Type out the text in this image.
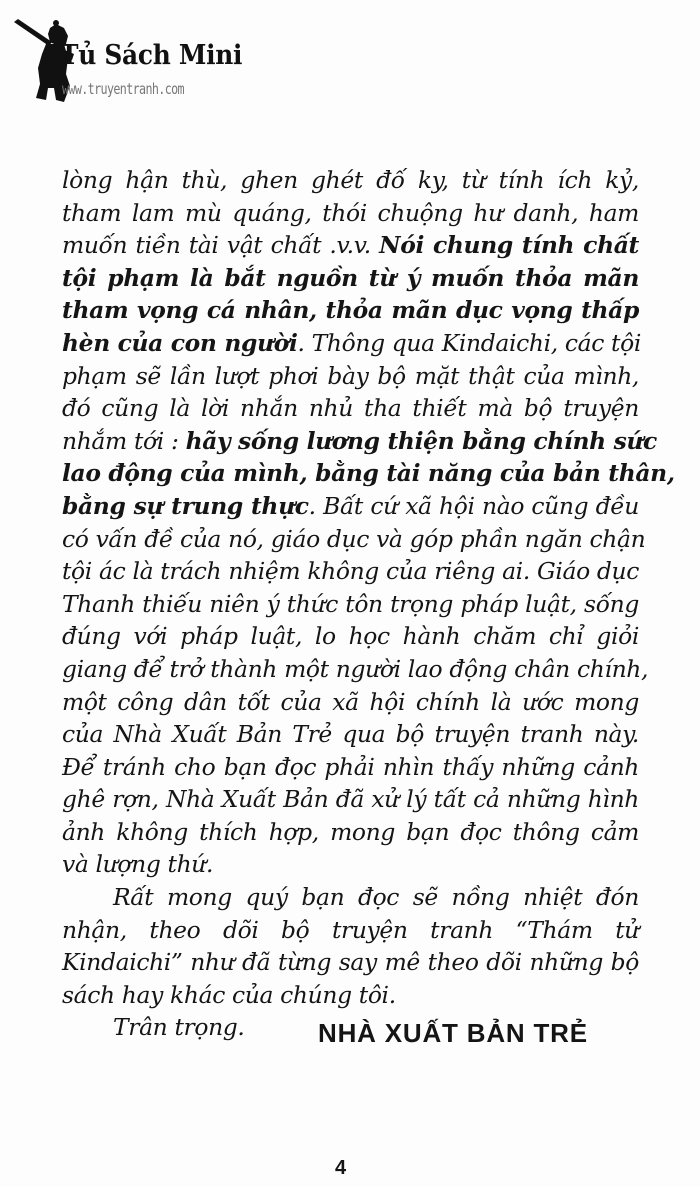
Tủ Sách Mini
www.truyentranh.com
lòng hận thù, ghen ghét đố ky, từ tính ích kỷ,
tham lam mù quáng, thói chuộng hư danh, ham
muốn tiền tài vật chất .v.v. Nói chung tính chất
tội phạm là bắt nguồn từ ý muốn thỏa mãn
tham vọng cá nhân, thỏa mãn dục vọng thấp
hèn của con người. Thông qua Kindaichi, các tội
phạm sẽ lần lượt phơi bày bộ mặt thật của mình,
đó cũng là lời nhắn nhủ tha thiết mà bộ truyện
nhắm tới : hãy sống lương thiện bằng chính sức
lao động của mình, bằng tài năng của bản thân,
bằng sự trung thực. Bất cứ xã hội nào cũng đều
có vấn đề của nó, giáo dục và góp phần ngăn chận
tội ác là trách nhiệm không của riêng ai. Giáo dục
Thanh thiếu niên ý thức tôn trọng pháp luật, sống
đúng với pháp luật, lo học hành chăm chỉ giỏi
giang để trở thành một người lao động chân chính,
một công dân tốt của xã hội chính là ước mong
của Nhà Xuất Bản Trẻ qua bộ truyện tranh này.
Để tránh cho bạn đọc phải nhìn thấy những cảnh
ghê rợn, Nhà Xuất Bản đã xử lý tất cả những hình
ảnh không thích hợp, mong bạn đọc thông cảm
và lượng thứ.
Rất mong quý bạn đọc sẽ nồng nhiệt đón
nhận, theo dõi bộ truyện tranh “Thám tử
Kindaichi” như đã từng say mê theo dõi những bộ
sách hay khác của chúng tôi.
Trân trọng.	NHÀ XUẤT BẢN TRẺ
4
